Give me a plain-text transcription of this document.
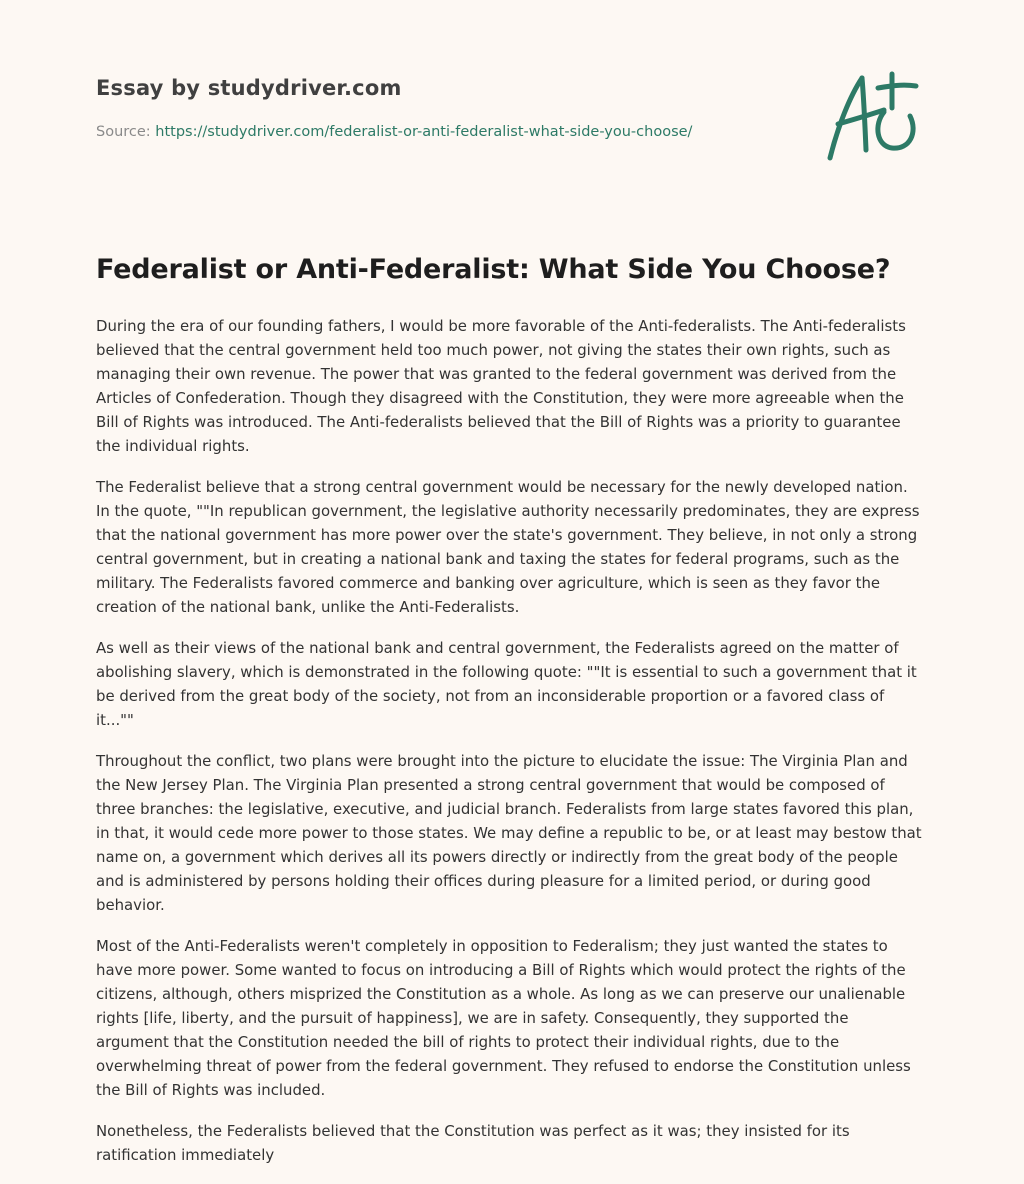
Essay by studydriver.com
Source: https://studydriver.com/federalist-or-anti-federalist-what-side-you-choose/
Federalist or Anti-Federalist: What Side You Choose?

During the era of our founding fathers, I would be more favorable of the Anti-federalists. The Anti-federalists believed that the central government held too much power, not giving the states their own rights, such as managing their own revenue. The power that was granted to the federal government was derived from the Articles of Confederation. Though they disagreed with the Constitution, they were more agreeable when the Bill of Rights was introduced. The Anti-federalists believed that the Bill of Rights was a priority to guarantee the individual rights.

The Federalist believe that a strong central government would be necessary for the newly developed nation. In the quote, ""In republican government, the legislative authority necessarily predominates, they are express that the national government has more power over the state's government. They believe, in not only a strong central government, but in creating a national bank and taxing the states for federal programs, such as the military. The Federalists favored commerce and banking over agriculture, which is seen as they favor the creation of the national bank, unlike the Anti-Federalists.

As well as their views of the national bank and central government, the Federalists agreed on the matter of abolishing slavery, which is demonstrated in the following quote: ""It is essential to such a government that it be derived from the great body of the society, not from an inconsiderable proportion or a favored class of it...""

Throughout the conflict, two plans were brought into the picture to elucidate the issue: The Virginia Plan and the New Jersey Plan. The Virginia Plan presented a strong central government that would be composed of three branches: the legislative, executive, and judicial branch. Federalists from large states favored this plan, in that, it would cede more power to those states. We may define a republic to be, or at least may bestow that name on, a government which derives all its powers directly or indirectly from the great body of the people and is administered by persons holding their offices during pleasure for a limited period, or during good behavior.

Most of the Anti-Federalists weren't completely in opposition to Federalism; they just wanted the states to have more power. Some wanted to focus on introducing a Bill of Rights which would protect the rights of the citizens, although, others misprized the Constitution as a whole. As long as we can preserve our unalienable rights [life, liberty, and the pursuit of happiness], we are in safety. Consequently, they supported the argument that the Constitution needed the bill of rights to protect their individual rights, due to the overwhelming threat of power from the federal government. They refused to endorse the Constitution unless the Bill of Rights was included.

Nonetheless, the Federalists believed that the Constitution was perfect as it was; they insisted for its ratification immediately
